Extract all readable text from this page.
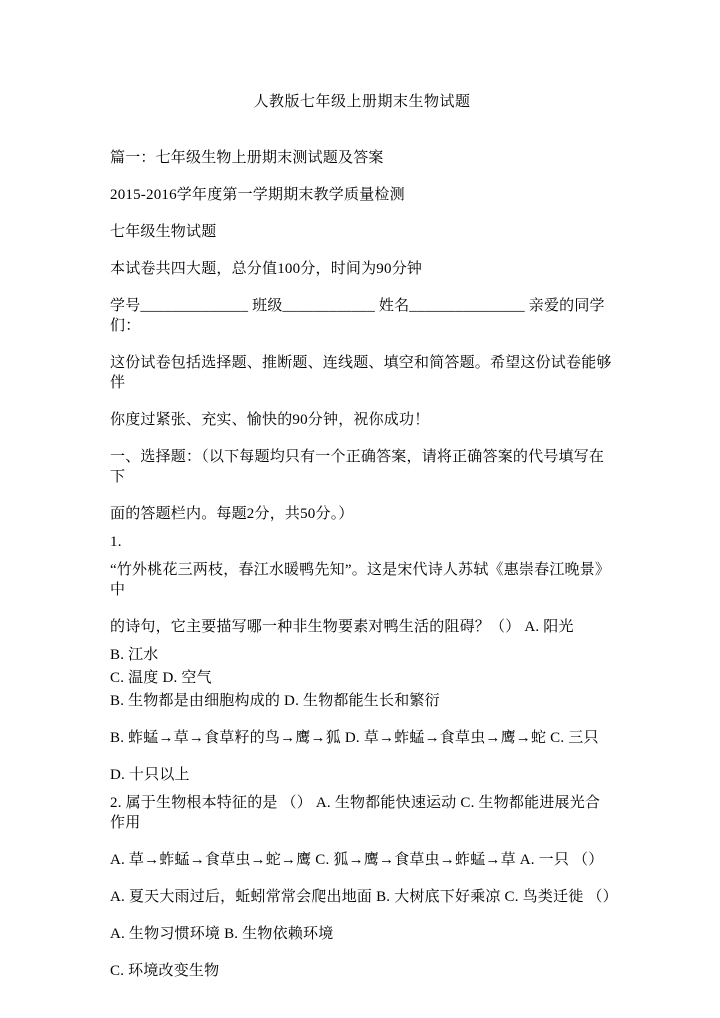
人教版七年级上册期末生物试题

篇一：七年级生物上册期末测试题及答案

2015-2016学年度第一学期期末教学质量检测

七年级生物试题

本试卷共四大题，总分值100分，时间为90分钟

学号______________ 班级____________ 姓名_______________ 亲爱的同学们：

这份试卷包括选择题、推断题、连线题、填空和简答题。希望这份试卷能够伴

你度过紧张、充实、愉快的90分钟，祝你成功！

一、选择题：（以下每题均只有一个正确答案，请将正确答案的代号填写在下

面的答题栏内。每题2分，共50分。）

1.

“竹外桃花三两枝，春江水暖鸭先知”。这是宋代诗人苏轼《惠崇春江晚景》中

的诗句，它主要描写哪一种非生物要素对鸭生活的阻碍？（） A. 阳光

B. 江水

C. 温度 D. 空气

B. 生物都是由细胞构成的 D. 生物都能生长和繁衍

B. 蚱蜢→草→食草籽的鸟→鹰→狐 D. 草→蚱蜢→食草虫→鹰→蛇 C. 三只

D. 十只以上

2. 属于生物根本特征的是 （） A. 生物都能快速运动 C. 生物都能进展光合作用

A. 草→蚱蜢→食草虫→蛇→鹰 C. 狐→鹰→食草虫→蚱蜢→草 A. 一只 （）

A. 夏天大雨过后，蚯蚓常常会爬出地面 B. 大树底下好乘凉 C. 鸟类迁徙 （）

A. 生物习惯环境 B. 生物依赖环境

C. 环境改变生物
